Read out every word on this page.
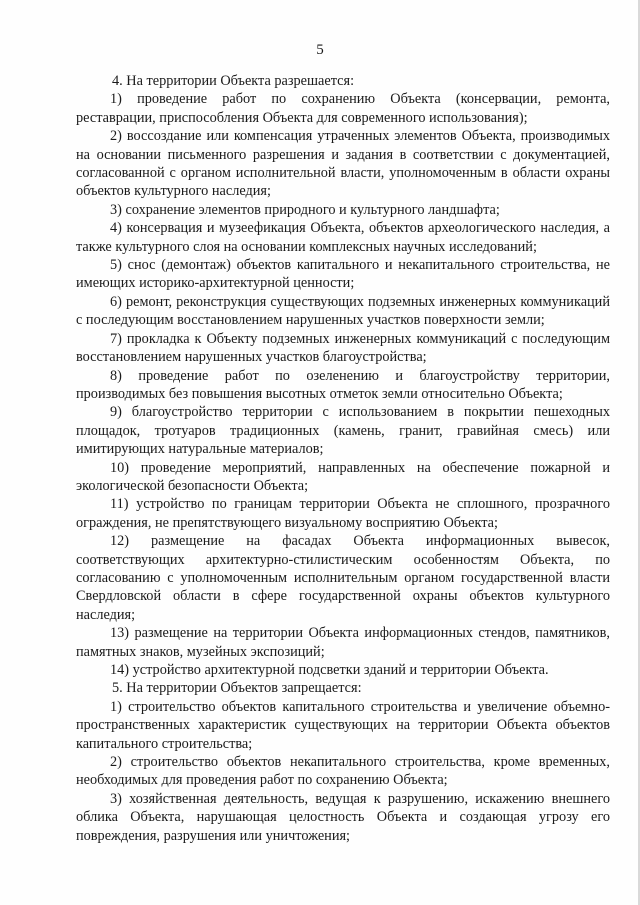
5

4. На территории Объекта разрешается:

1) проведение работ по сохранению Объекта (консервации, ремонта, реставрации, приспособления Объекта для современного использования);

2) воссоздание или компенсация утраченных элементов Объекта, производимых на основании письменного разрешения и задания в соответствии с документацией, согласованной с органом исполнительной власти, уполномоченным в области охраны объектов культурного наследия;

3) сохранение элементов природного и культурного ландшафта;

4) консервация и музеефикация Объекта, объектов археологического наследия, а также культурного слоя на основании комплексных научных исследований;

5) снос (демонтаж) объектов капитального и некапитального строительства, не имеющих историко-архитектурной ценности;

6) ремонт, реконструкция существующих подземных инженерных коммуникаций с последующим восстановлением нарушенных участков поверхности земли;

7) прокладка к Объекту подземных инженерных коммуникаций с последующим восстановлением нарушенных участков благоустройства;

8) проведение работ по озеленению и благоустройству территории, производимых без повышения высотных отметок земли относительно Объекта;

9) благоустройство территории с использованием в покрытии пешеходных площадок, тротуаров традиционных (камень, гранит, гравийная смесь) или имитирующих натуральные материалов;

10) проведение мероприятий, направленных на обеспечение пожарной и экологической безопасности Объекта;

11) устройство по границам территории Объекта не сплошного, прозрачного ограждения, не препятствующего визуальному восприятию Объекта;

12) размещение на фасадах Объекта информационных вывесок, соответствующих архитектурно-стилистическим особенностям Объекта, по согласованию с уполномоченным исполнительным органом государственной власти Свердловской области в сфере государственной охраны объектов культурного наследия;

13) размещение на территории Объекта информационных стендов, памятников, памятных знаков, музейных экспозиций;

14) устройство архитектурной подсветки зданий и территории Объекта.

5. На территории Объектов запрещается:

1) строительство объектов капитального строительства и увеличение объемно-пространственных характеристик существующих на территории Объекта объектов капитального строительства;

2) строительство объектов некапитального строительства, кроме временных, необходимых для проведения работ по сохранению Объекта;

3) хозяйственная деятельность, ведущая к разрушению, искажению внешнего облика Объекта, нарушающая целостность Объекта и создающая угрозу его повреждения, разрушения или уничтожения;
